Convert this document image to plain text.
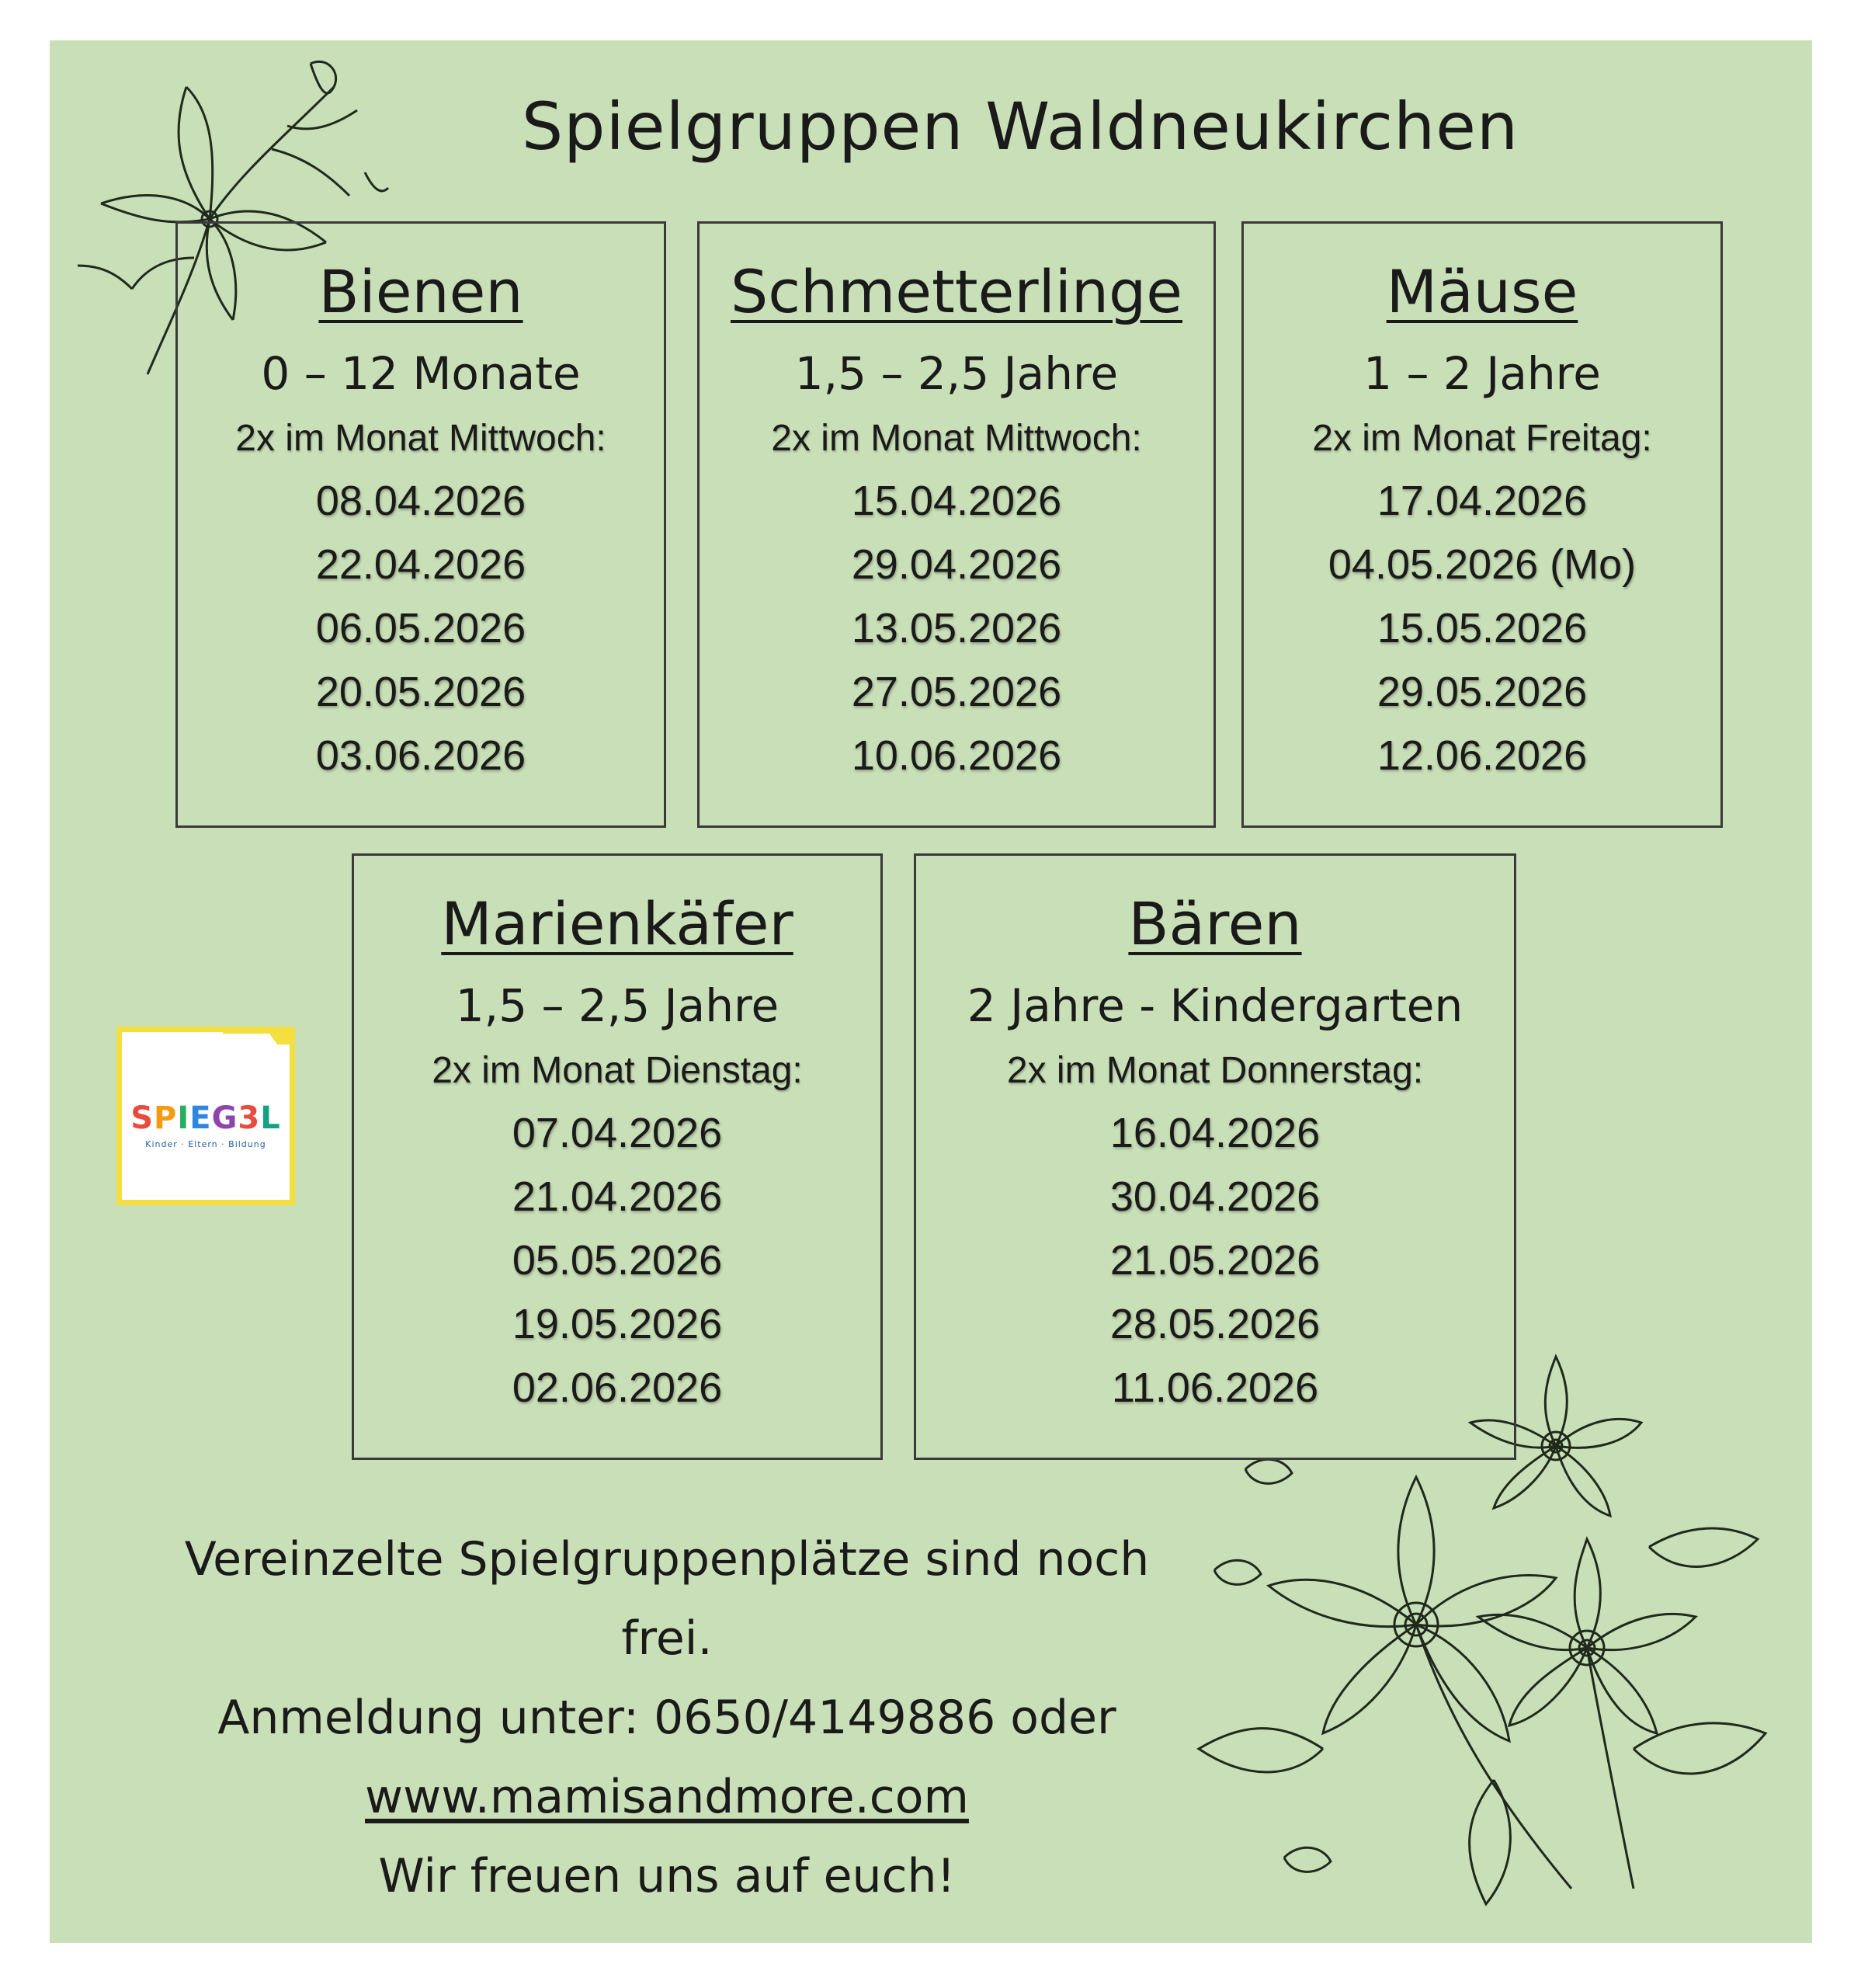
Spielgruppen Waldneukirchen
Bienen
0 – 12 Monate
2x im Monat Mittwoch:
08.04.2026
22.04.2026
06.05.2026
20.05.2026
03.06.2026
Schmetterlinge
1,5 – 2,5 Jahre
2x im Monat Mittwoch:
15.04.2026
29.04.2026
13.05.2026
27.05.2026
10.06.2026
Mäuse
1 – 2 Jahre
2x im Monat Freitag:
17.04.2026
04.05.2026 (Mo)
15.05.2026
29.05.2026
12.06.2026
Marienkäfer
1,5 – 2,5 Jahre
2x im Monat Dienstag:
07.04.2026
21.04.2026
05.05.2026
19.05.2026
02.06.2026
Bären
2 Jahre - Kindergarten
2x im Monat Donnerstag:
16.04.2026
30.04.2026
21.05.2026
28.05.2026
11.06.2026
SPIEG3L
Kinder · Eltern · Bildung
Vereinzelte Spielgruppenplätze sind noch
frei.
Anmeldung unter: 0650/4149886 oder
www.mamisandmore.com
Wir freuen uns auf euch!
